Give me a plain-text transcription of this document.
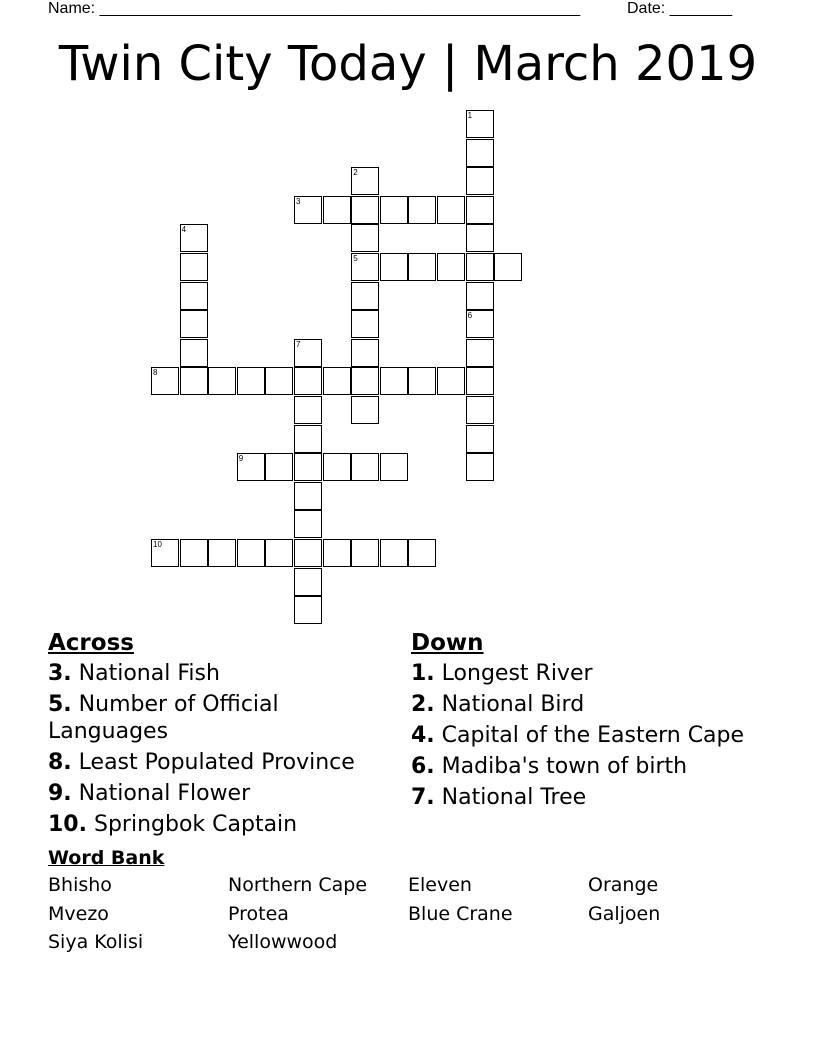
Name: ______________________________________________________	Date: _______
Twin City Today | March 2019
1
6
2
5
3
4
7
8
9
10
Across
3. National Fish
5. Number of Official Languages
8. Least Populated Province
9. National Flower
10. Springbok Captain
Down
1. Longest River
2. National Bird
4. Capital of the Eastern Cape
6. Madiba's town of birth
7. National Tree
Word Bank
Bhisho	Northern Cape	Eleven	Orange
Mvezo	Protea	Blue Crane	Galjoen
Siya Kolisi	Yellowwood
